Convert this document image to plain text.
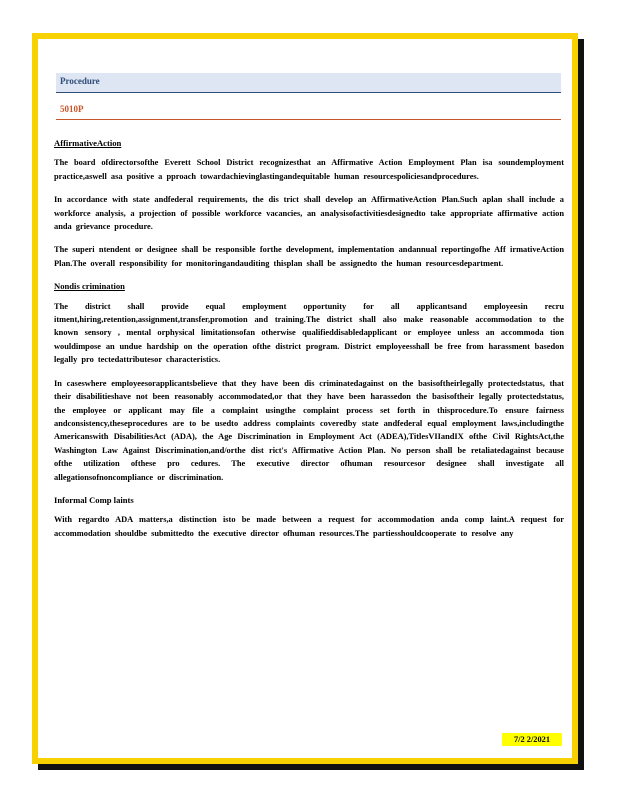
Procedure
5010P
AffirmativeAction

The board ofdirectorsofthe Everett School District recognizesthat an Affirmative Action Employment Plan isa soundemployment practice,aswell asa positive a pproach towardachievinglastingandequitable human resourcespoliciesandprocedures.

In accordance with state andfederal requirements, the dis trict shall develop an AffirmativeAction Plan.Such aplan shall include a workforce analysis, a projection of possible workforce vacancies, an analysisofactivitiesdesignedto take appropriate affirmative action anda grievance procedure.

The superi ntendent or designee shall be responsible forthe development, implementation andannual reportingofhe Aff irmativeAction Plan.The overall responsibility for monitoringandauditing thisplan shall be assignedto the human resourcesdepartment.

Nondis crimination

The district shall provide equal employment opportunity for all applicantsand employeesin recru itment,hiring,retention,assignment,transfer,promotion and training.The district shall also make reasonable accommodation to the known sensory , mental orphysical limitationsofan otherwise qualifieddisabledapplicant or employee unless an accommoda tion wouldimpose an undue hardship on the operation ofthe district program. District employeesshall be free from harassment basedon legally pro tectedattributesor characteristics.

In caseswhere employeesorapplicantsbelieve that they have been dis criminatedagainst on the basisoftheirlegally protectedstatus, that their disabilitieshave not been reasonably accommodated,or that they have been harassedon the basisoftheir legally protectedstatus, the employee or applicant may file a complaint usingthe complaint process set forth in thisprocedure.To ensure fairness andconsistency,theseprocedures are to be usedto address complaints coveredby state andfederal equal employment laws,includingthe Americanswith DisabilitiesAct (ADA), the Age Discrimination in Employment Act (ADEA),TitlesVIIandIX ofthe Civil RightsAct,the Washington Law Against Discrimination,and/orthe dist rict's Affirmative Action Plan. No person shall be retaliatedagainst because ofthe utilization ofthese pro cedures. The executive director ofhuman resourcesor designee shall investigate all allegationsofnoncompliance or discrimination.

Informal Comp laints

With regardto ADA matters,a distinction isto be made between a request for accommodation anda comp laint.A request for accommodation shouldbe submittedto the executive director ofhuman resources.The partiesshouldcooperate to resolve any

7/2 2/2021
